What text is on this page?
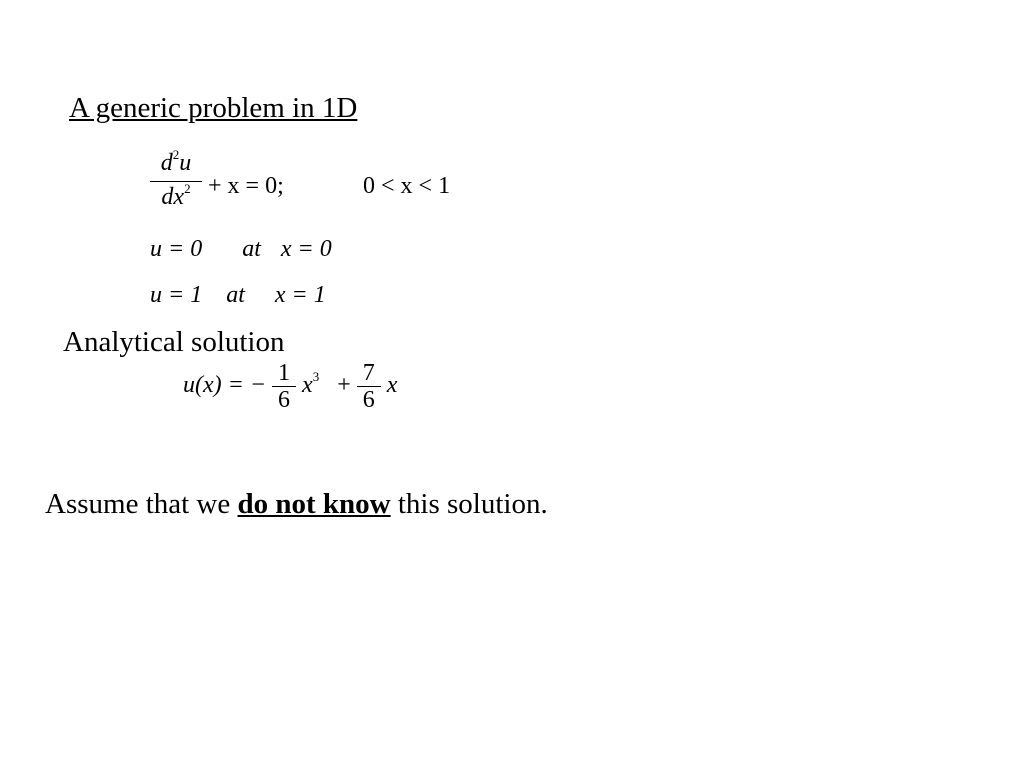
A generic problem in 1D
$\frac{d^2u}{dx^2} + x = 0$;	0 < x < 1
u = 0 at x = 0
u = 1 at x = 1
Analytical solution
u(x) = − $\frac{1}{6} x^3 + \frac{7}{6}$ x
Assume that we do not know this solution.
